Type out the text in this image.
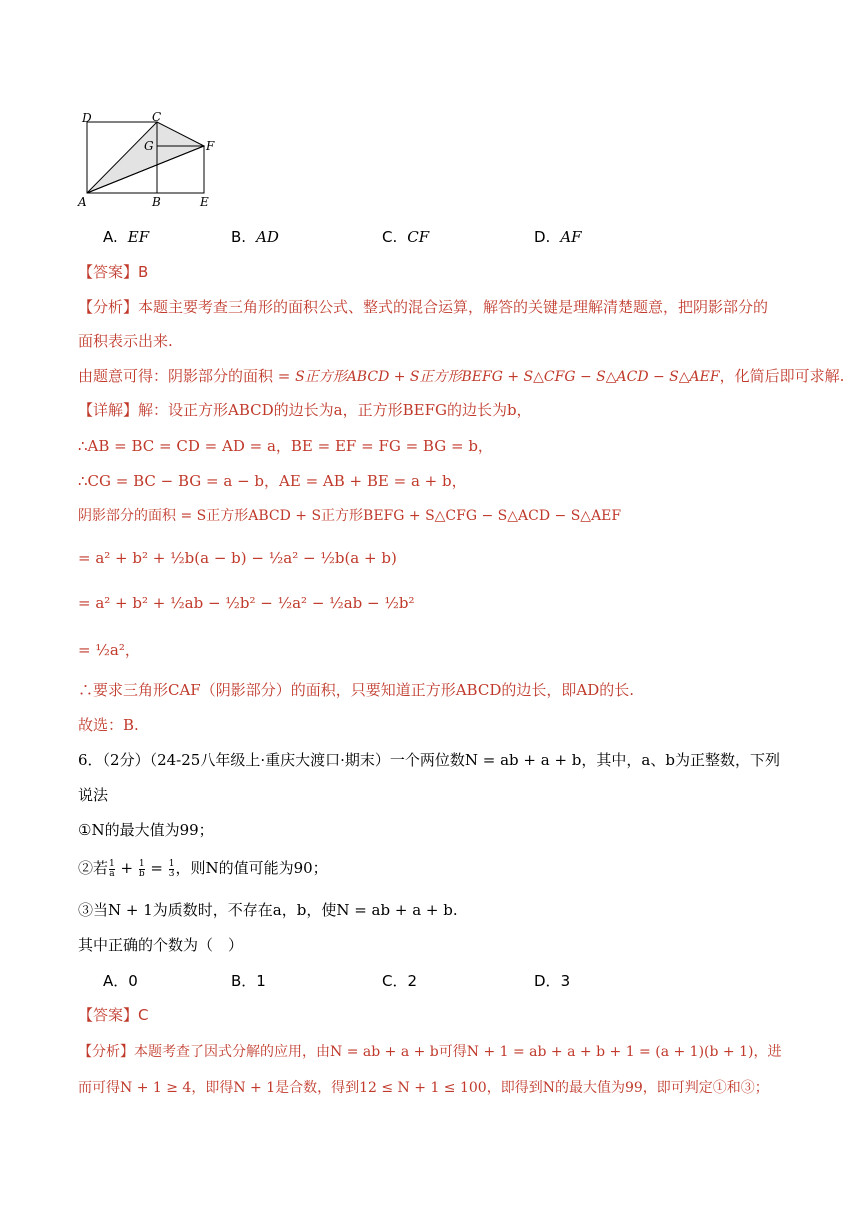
D	C
G	F
A	B	E
A. EF	B. AD	C. CF	D. AF
【答案】B
【分析】本题主要考查三角形的面积公式、整式的混合运算，解答的关键是理解清楚题意，把阴影部分的
面积表示出来.
由题意可得：阴影部分的面积 = S正方形ABCD + S正方形BEFG + S△CFG − S△ACD − S△AEF，化简后即可求解.
【详解】解：设正方形ABCD的边长为a，正方形BEFG的边长为b，
∴AB = BC = CD = AD = a，BE = EF = FG = BG = b，
∴CG = BC − BG = a − b，AE = AB + BE = a + b，
阴影部分的面积 = S正方形ABCD + S正方形BEFG + S△CFG − S△ACD − S△AEF
= a² + b² + ½b(a − b) − ½a² − ½b(a + b)
= a² + b² + ½ab − ½b² − ½a² − ½ab − ½b²
= ½a²，
∴要求三角形CAF（阴影部分）的面积，只要知道正方形ABCD的边长，即AD的长.
故选：B.
6．（2分）（24-25八年级上·重庆大渡口·期末）一个两位数N = ab + a + b，其中，a、b为正整数，下列
说法
①N的最大值为99；
②若 $\frac{1}{a} + \frac{1}{b} = \frac{1}{3}$ ，则N的值可能为90；
③当N + 1为质数时，不存在a，b，使N = ab + a + b.
其中正确的个数为（　）
A．0	B．1	C．2	D．3
【答案】C
【分析】本题考查了因式分解的应用，由N = ab + a + b可得N + 1 = ab + a + b + 1 = (a + 1)(b + 1)，进
而可得N + 1 ≥ 4，即得N + 1是合数，得到12 ≤ N + 1 ≤ 100，即得到N的最大值为99，即可判定①和③；
